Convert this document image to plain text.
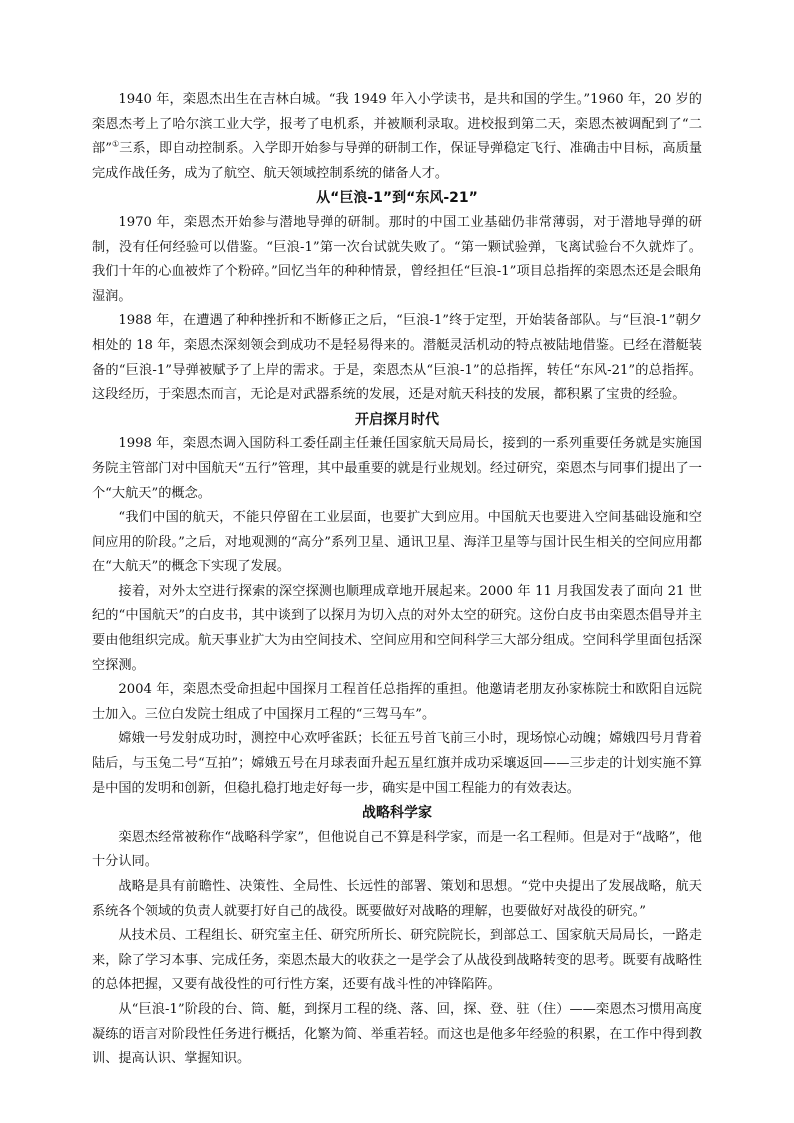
1940 年，栾恩杰出生在吉林白城。“我 1949 年入小学读书，是共和国的学生。”1960 年，20 岁的栾恩杰考上了哈尔滨工业大学，报考了电机系，并被顺利录取。进校报到第二天，栾恩杰被调配到了“二部”①三系，即自动控制系。入学即开始参与导弹的研制工作，保证导弹稳定飞行、准确击中目标，高质量完成作战任务，成为了航空、航天领域控制系统的储备人才。

从“巨浪-1”到“东风-21”

1970 年，栾恩杰开始参与潜地导弹的研制。那时的中国工业基础仍非常薄弱，对于潜地导弹的研制，没有任何经验可以借鉴。“巨浪-1”第一次台试就失败了。“第一颗试验弹，飞离试验台不久就炸了。我们十年的心血被炸了个粉碎。”回忆当年的种种情景，曾经担任“巨浪-1”项目总指挥的栾恩杰还是会眼角湿润。

1988 年，在遭遇了种种挫折和不断修正之后，“巨浪-1”终于定型，开始装备部队。与“巨浪-1”朝夕相处的 18 年，栾恩杰深刻领会到成功不是轻易得来的。潜艇灵活机动的特点被陆地借鉴。已经在潜艇装备的“巨浪-1”导弹被赋予了上岸的需求。于是，栾恩杰从“巨浪-1”的总指挥，转任“东风-21”的总指挥。这段经历，于栾恩杰而言，无论是对武器系统的发展，还是对航天科技的发展，都积累了宝贵的经验。

开启探月时代

1998 年，栾恩杰调入国防科工委任副主任兼任国家航天局局长，接到的一系列重要任务就是实施国务院主管部门对中国航天“五行”管理，其中最重要的就是行业规划。经过研究，栾恩杰与同事们提出了一个“大航天”的概念。

“我们中国的航天，不能只停留在工业层面，也要扩大到应用。中国航天也要进入空间基础设施和空间应用的阶段。”之后，对地观测的“高分”系列卫星、通讯卫星、海洋卫星等与国计民生相关的空间应用都在“大航天”的概念下实现了发展。

接着，对外太空进行探索的深空探测也顺理成章地开展起来。2000 年 11 月我国发表了面向 21 世纪的“中国航天”的白皮书，其中谈到了以探月为切入点的对外太空的研究。这份白皮书由栾恩杰倡导并主要由他组织完成。航天事业扩大为由空间技术、空间应用和空间科学三大部分组成。空间科学里面包括深空探测。

2004 年，栾恩杰受命担起中国探月工程首任总指挥的重担。他邀请老朋友孙家栋院士和欧阳自远院士加入。三位白发院士组成了中国探月工程的“三驾马车”。

嫦娥一号发射成功时，测控中心欢呼雀跃；长征五号首飞前三小时，现场惊心动魄；嫦娥四号月背着陆后，与玉兔二号“互拍”；嫦娥五号在月球表面升起五星红旗并成功采壤返回——三步走的计划实施不算是中国的发明和创新，但稳扎稳打地走好每一步，确实是中国工程能力的有效表达。

战略科学家

栾恩杰经常被称作“战略科学家”，但他说自己不算是科学家，而是一名工程师。但是对于“战略”，他十分认同。

战略是具有前瞻性、决策性、全局性、长远性的部署、策划和思想。“党中央提出了发展战略，航天系统各个领域的负责人就要打好自己的战役。既要做好对战略的理解，也要做好对战役的研究。”

从技术员、工程组长、研究室主任、研究所所长、研究院院长，到部总工、国家航天局局长，一路走来，除了学习本事、完成任务，栾恩杰最大的收获之一是学会了从战役到战略转变的思考。既要有战略性的总体把握，又要有战役性的可行性方案，还要有战斗性的冲锋陷阵。

从“巨浪-1”阶段的台、筒、艇，到探月工程的绕、落、回，探、登、驻（住）——栾恩杰习惯用高度凝练的语言对阶段性任务进行概括，化繁为简、举重若轻。而这也是他多年经验的积累，在工作中得到教训、提高认识、掌握知识。
